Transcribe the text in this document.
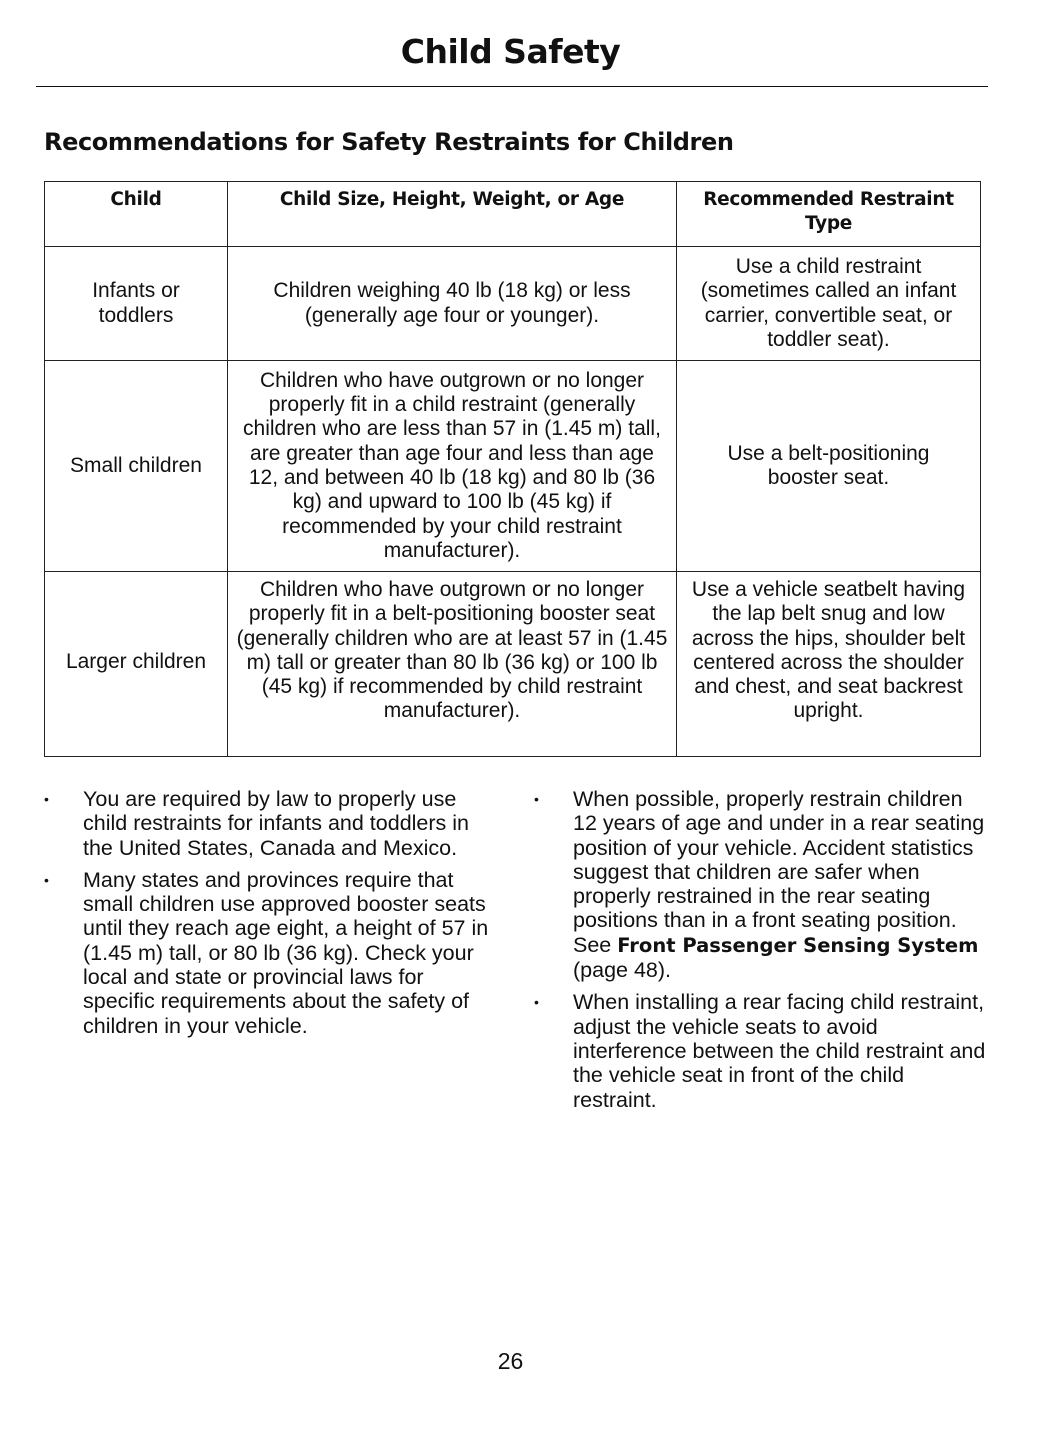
Child Safety
Recommendations for Safety Restraints for Children
Child	Child Size, Height, Weight, or Age	Recommended Restraint Type
Infants or toddlers	Children weighing 40 lb (18 kg) or less (generally age four or younger).	Use a child restraint (sometimes called an infant carrier, convertible seat, or toddler seat).
Small children	Children who have outgrown or no longer properly fit in a child restraint (generally children who are less than 57 in (1.45 m) tall, are greater than age four and less than age 12, and between 40 lb (18 kg) and 80 lb (36 kg) and upward to 100 lb (45 kg) if recommended by your child restraint manufacturer).	Use a belt-positioning booster seat.
Larger children	Children who have outgrown or no longer properly fit in a belt-positioning booster seat (generally children who are at least 57 in (1.45 m) tall or greater than 80 lb (36 kg) or 100 lb (45 kg) if recommended by child restraint manufacturer).	Use a vehicle seatbelt having the lap belt snug and low across the hips, shoulder belt centered across the shoulder and chest, and seat backrest upright.
• You are required by law to properly use child restraints for infants and toddlers in the United States, Canada and Mexico.
• Many states and provinces require that small children use approved booster seats until they reach age eight, a height of 57 in (1.45 m) tall, or 80 lb (36 kg). Check your local and state or provincial laws for specific requirements about the safety of children in your vehicle.
• When possible, properly restrain children 12 years of age and under in a rear seating position of your vehicle. Accident statistics suggest that children are safer when properly restrained in the rear seating positions than in a front seating position. See Front Passenger Sensing System (page 48).
• When installing a rear facing child restraint, adjust the vehicle seats to avoid interference between the child restraint and the vehicle seat in front of the child restraint.
26
